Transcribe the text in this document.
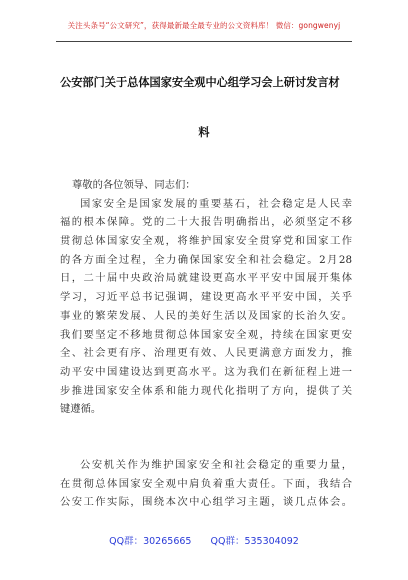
关注头条号“公文研究”，获得最新最全最专业的公文资料库！ 微信：gongwenyj
公安部门关于总体国家安全观中心组学习会上研讨发言材
料
尊敬的各位领导、同志们：
国家安全是国家发展的重要基石，社会稳定是人民幸
福的根本保障。党的二十大报告明确指出，必须坚定不移
贯彻总体国家安全观，将维护国家安全贯穿党和国家工作
的各方面全过程，全力确保国家安全和社会稳定。2月28
日，二十届中央政治局就建设更高水平平安中国展开集体
学习，习近平总书记强调，建设更高水平平安中国，关乎
事业的繁荣发展、人民的美好生活以及国家的长治久安。
我们要坚定不移地贯彻总体国家安全观，持续在国家更安
全、社会更有序、治理更有效、人民更满意方面发力，推
动平安中国建设达到更高水平。这为我们在新征程上进一
步推进国家安全体系和能力现代化指明了方向，提供了关
键遵循。
公安机关作为维护国家安全和社会稳定的重要力量，
在贯彻总体国家安全观中肩负着重大责任。下面，我结合
公安工作实际，围绕本次中心组学习主题，谈几点体会。
QQ群：30265665 QQ群：535304092
